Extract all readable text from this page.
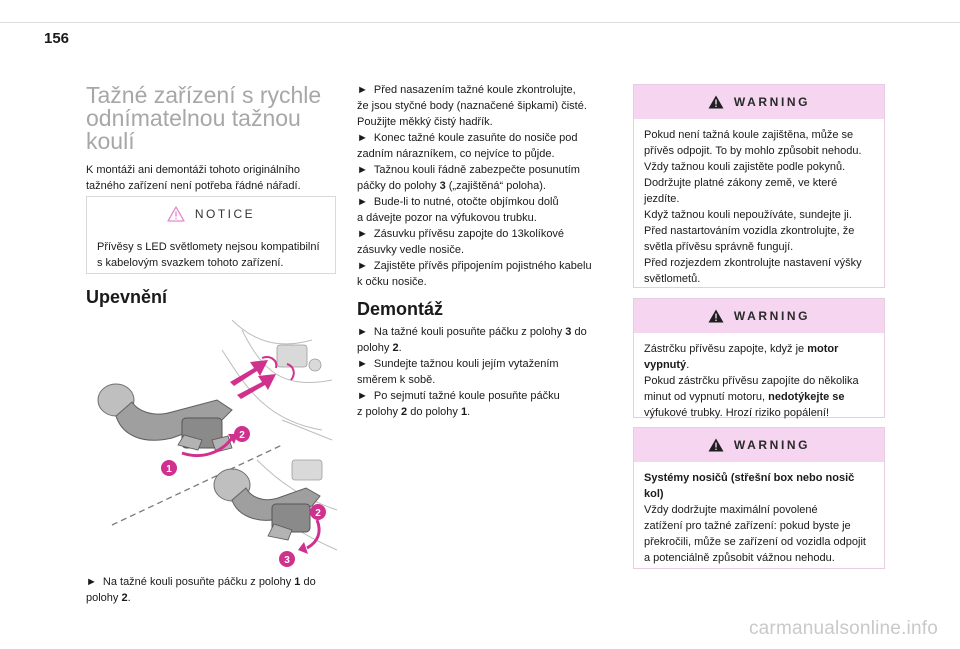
156
Tažné zařízení s rychle
odnímatelnou tažnou
koulí

K montáži ani demontáži tohoto originálního
tažného zařízení není potřeba řádné nářadí.

NOTICE
Přívěsy s LED světlomety nejsou kompatibilní
s kabelovým svazkem tohoto zařízení.
Upevnění
1
2
2
3

► Na tažné kouli posuňte páčku z polohy 1 do
polohy 2.

► Před nasazením tažné koule zkontrolujte,
že jsou styčné body (naznačené šipkami) čisté.
Použijte měkký čistý hadřík.

► Konec tažné koule zasuňte do nosiče pod
zadním nárazníkem, co nejvíce to půjde.

► Tažnou kouli řádně zabezpečte posunutím
páčky do polohy 3 („zajištěná“ poloha).

► Bude-li to nutné, otočte objímkou dolů
a dávejte pozor na výfukovou trubku.

► Zásuvku přívěsu zapojte do 13kolíkové
zásuvky vedle nosiče.

► Zajistěte přívěs připojením pojistného kabelu
k očku nosiče.

Demontáž

► Na tažné kouli posuňte páčku z polohy 3 do
polohy 2.

► Sundejte tažnou kouli jejím vytažením
směrem k sobě.

► Po sejmutí tažné koule posuňte páčku
z polohy 2 do polohy 1.

WARNING
Pokud není tažná koule zajištěna, může se
přívěs odpojit. To by mohlo způsobit nehodu.
Vždy tažnou kouli zajistěte podle pokynů.
Dodržujte platné zákony země, ve které
jezdíte.
Když tažnou kouli nepoužíváte, sundejte ji.
Před nastartováním vozidla zkontrolujte, že
světla přívěsu správně fungují.
Před rozjezdem zkontrolujte nastavení výšky
světlometů.
WARNING
Zástrčku přívěsu zapojte, když je motor
vypnutý.
Pokud zástrčku přívěsu zapojíte do několika
minut od vypnutí motoru, nedotýkejte se
výfukové trubky. Hrozí riziko popálení!
WARNING
Systémy nosičů (střešní box nebo nosič
kol)
Vždy dodržujte maximální povolené
zatížení pro tažné zařízení: pokud byste je
překročili, může se zařízení od vozidla odpojit
a potenciálně způsobit vážnou nehodu.
carmanualsonline.info
